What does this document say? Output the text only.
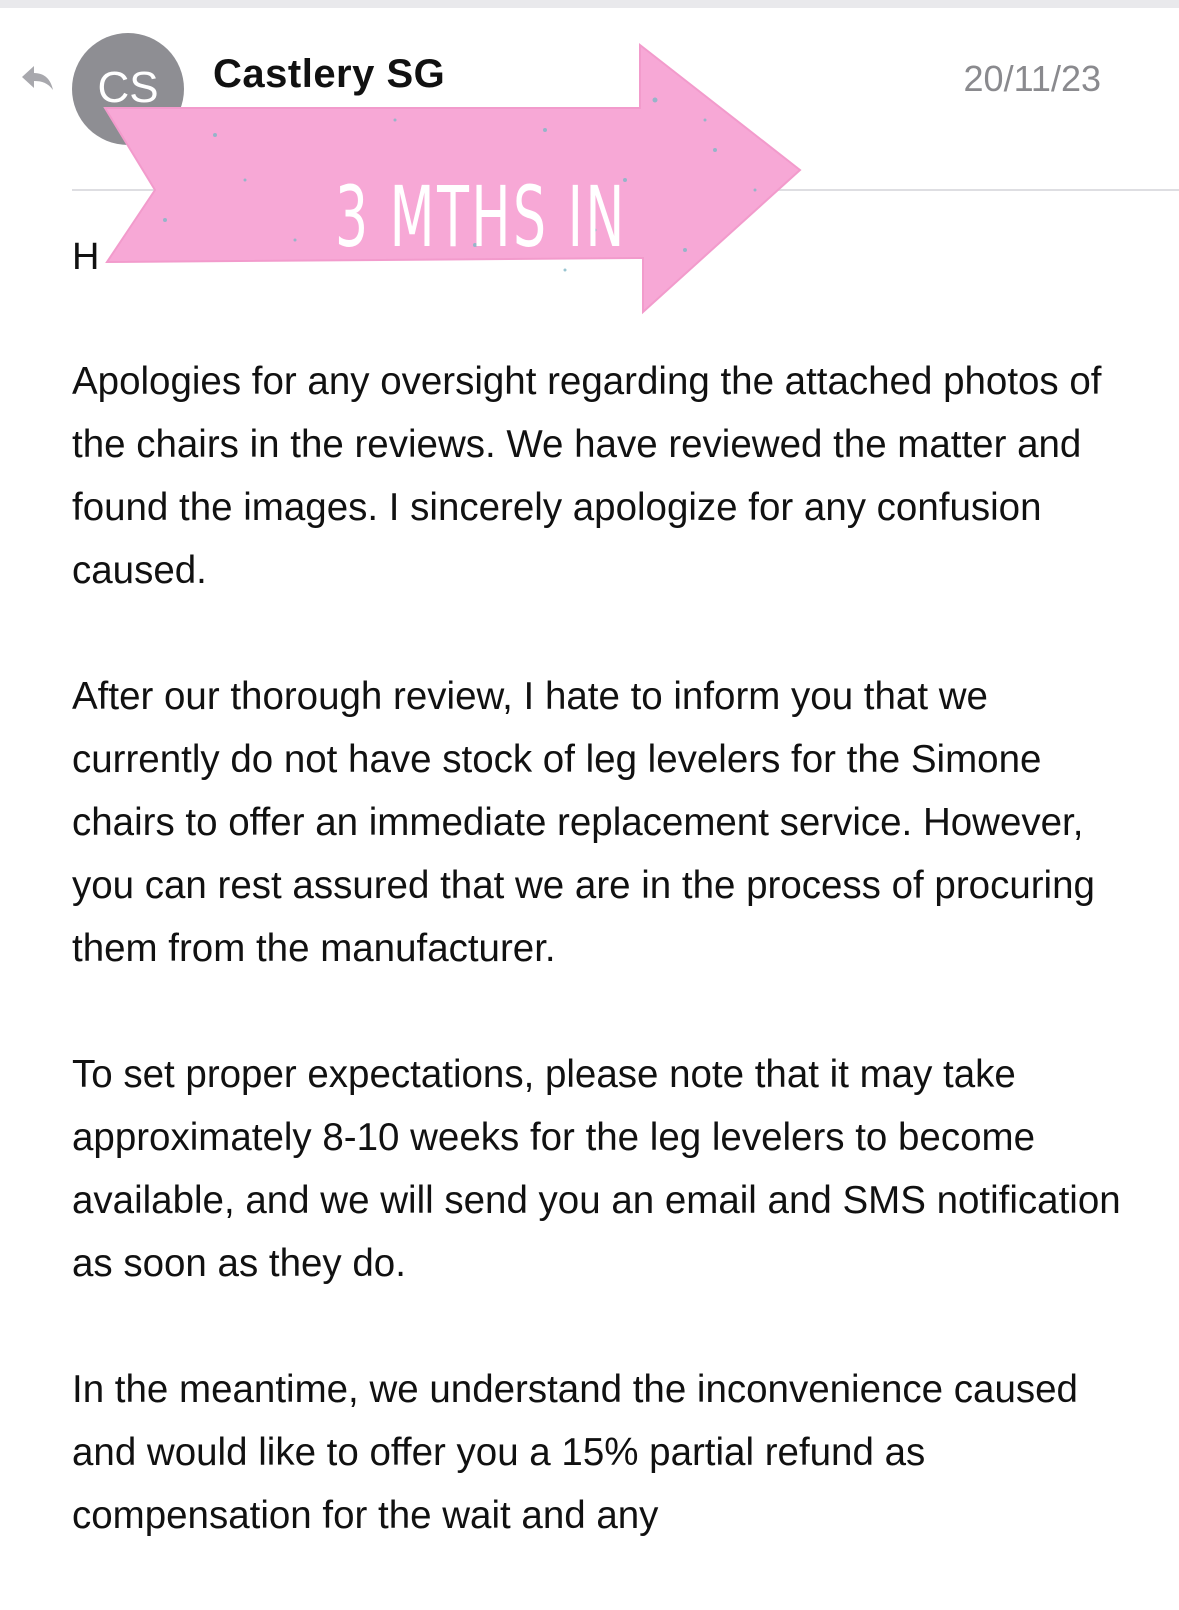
CS Castlery SG	20/11/23
H	3 MTHS IN

Apologies for any oversight regarding the attached photos of the chairs in the reviews. We have reviewed the matter and found the images. I sincerely apologize for any confusion caused.

After our thorough review, I hate to inform you that we currently do not have stock of leg levelers for the Simone chairs to offer an immediate replacement service. However, you can rest assured that we are in the process of procuring them from the manufacturer.

To set proper expectations, please note that it may take approximately 8-10 weeks for the leg levelers to become available, and we will send you an email and SMS notification as soon as they do.

In the meantime, we understand the inconvenience caused and would like to offer you a 15% partial refund as compensation for the wait and any
